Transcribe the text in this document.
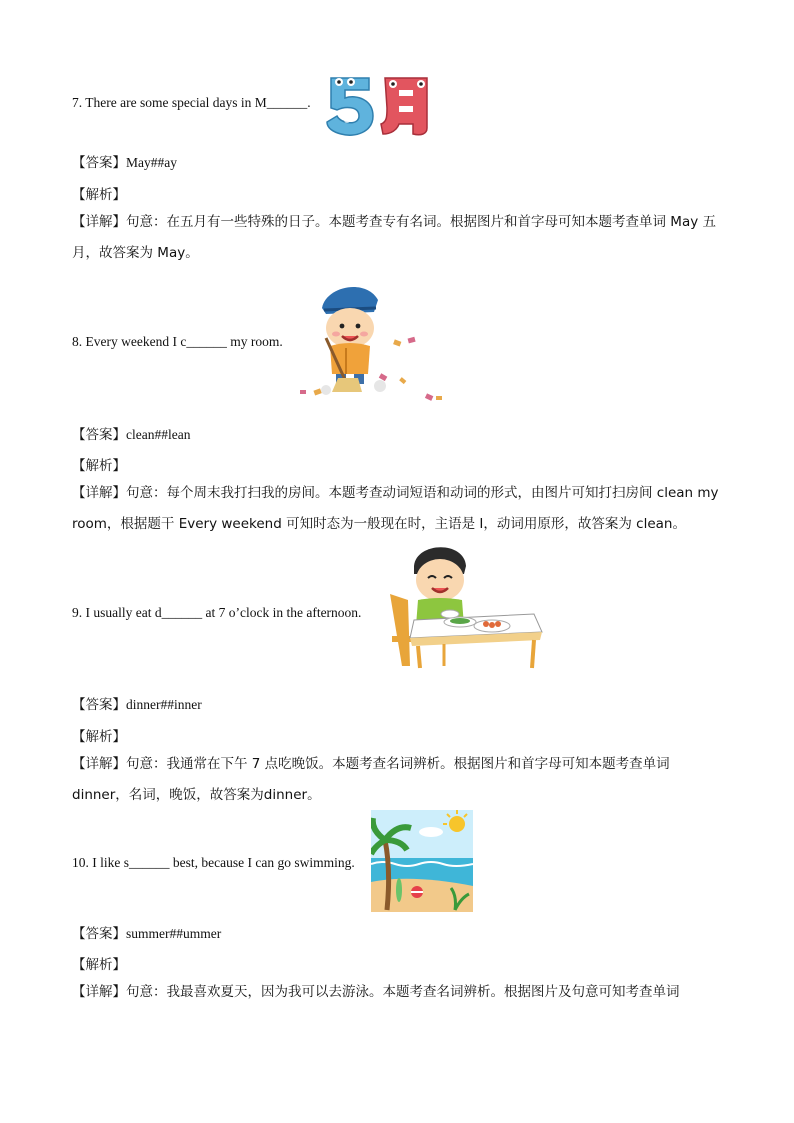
7. There are some special days in M______.
【答案】May##ay
【解析】
【详解】句意：在五月有一些特殊的日子。本题考查专有名词。根据图片和首字母可知本题考查单词 May 五月，故答案为 May。
8. Every weekend I c______ my room.
【答案】clean##lean
【解析】
【详解】句意：每个周末我打扫我的房间。本题考查动词短语和动词的形式，由图片可知打扫房间 clean my room，根据题干 Every weekend 可知时态为一般现在时，主语是 I，动词用原形，故答案为 clean。
9. I usually eat d______ at 7 o’clock in the afternoon.
【答案】dinner##inner
【解析】
【详解】句意：我通常在下午 7 点吃晚饭。本题考查名词辨析。根据图片和首字母可知本题考查单词 dinner，名词，晚饭，故答案为dinner。
10. I like s______ best, because I can go swimming.
【答案】summer##ummer
【解析】
【详解】句意：我最喜欢夏天，因为我可以去游泳。本题考查名词辨析。根据图片及句意可知考查单词
